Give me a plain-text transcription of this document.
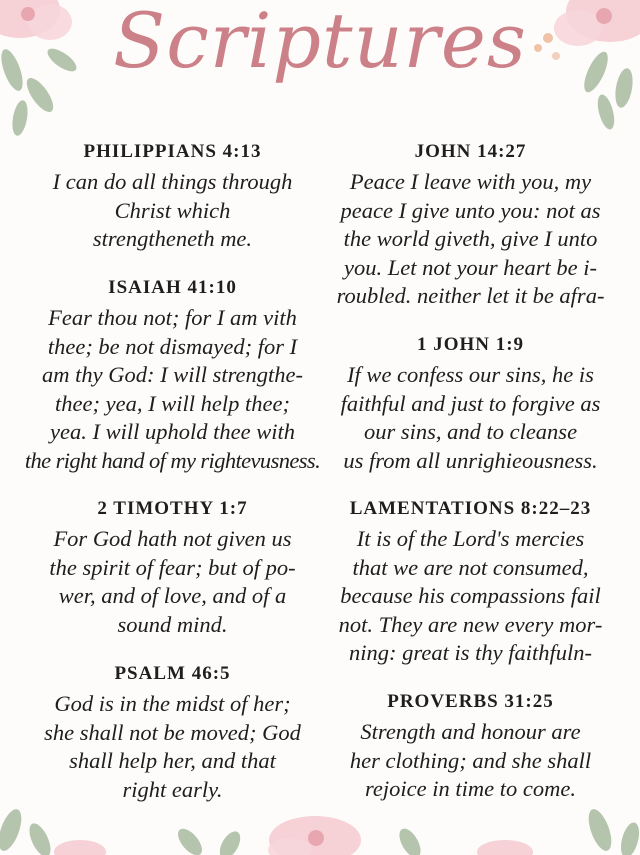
Scriptures
PHILIPPIANS 4:13

I can do all things through
Christ which
strengtheneth me.

ISAIAH 41:10

Fear thou not; for I am vith
thee; be not dismayed; for I
am thy God: I will strengthe-
thee; yea, I will help thee;
yea. I will uphold thee with
the right hand of my rightevusness.

2 TIMOTHY 1:7

For God hath not given us
the spirit of fear; but of po-
wer, and of love, and of a
sound mind.

PSALM 46:5

God is in the midst of her;
she shall not be moved; God
shall help her, and that
right early.

JOHN 14:27

Peace I leave with you, my
peace I give unto you: not as
the world giveth, give I unto
you. Let not your heart be i-
roubled. neither let it be afra-

1 JOHN 1:9

If we confess our sins, he is
faithful and just to forgive as
our sins, and to cleanse
us from all unrighieousness.

LAMENTATIONS 8:22–23

It is of the Lord's mercies
that we are not consumed,
because his compassions fail
not. They are new every mor-
ning: great is thy faithfuln-

PROVERBS 31:25

Strength and honour are
her clothing; and she shall
rejoice in time to come.
